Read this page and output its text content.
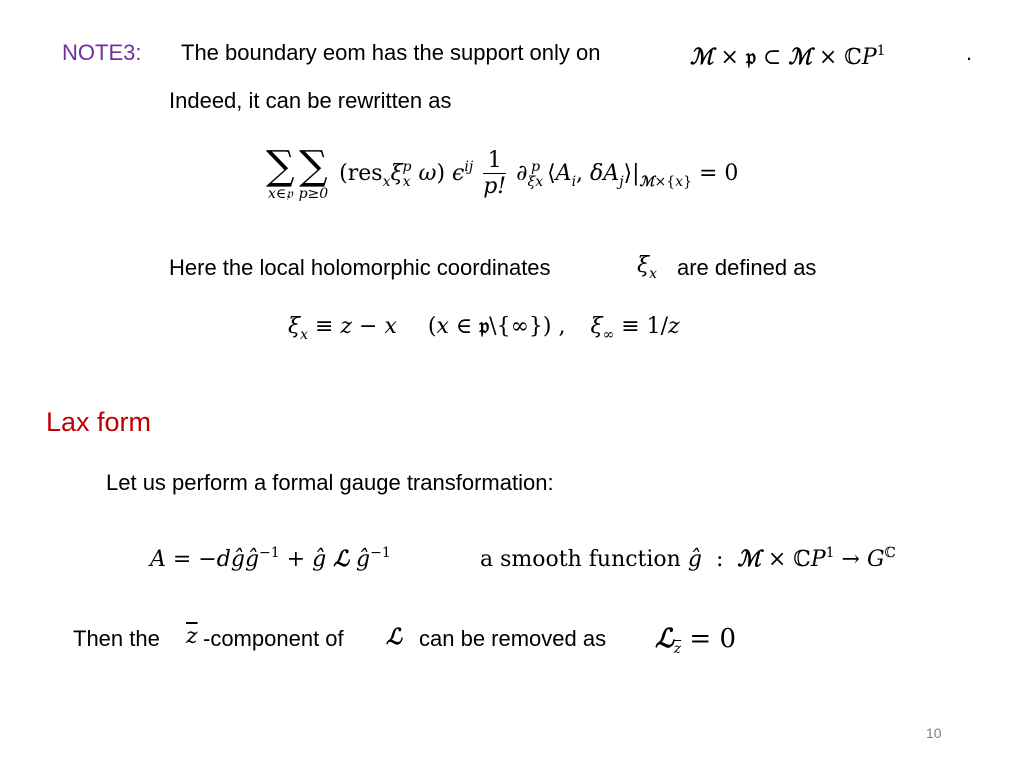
NOTE3: The boundary eom has the support only on	ℳ × 𝔭 ⊂ ℳ × ℂP$^1$	.
Indeed, it can be rewritten as
∑
x∈𝔭
∑
p≥0
($res_x\xi_x^p$ ω) $\epsilon^{ij} \frac{1}{p!} \partial_{\xi x}^p$ $⟨A_i$, $\delta A_j⟩|_{ℳ\times\{x\}} = 0$
Here the local holomorphic coordinates	$\xi_x$ are defined as
$\xi_x \equiv z - x$ (x ∈ 𝔭\{∞}) , $\xi_\infty \equiv 1/z$
Lax form
Let us perform a formal gauge transformation:
A = −dĝĝ$^{-1}$ + ĝ ℒ $ĝ^{-1}$	a smooth function ĝ  :  ℳ × ℂP$^1$ → $G^ℂ$
Then the $\overline{z}$ -component of ℒ can be removed as ℒ$_{\overline{z}}$ = 0
10
